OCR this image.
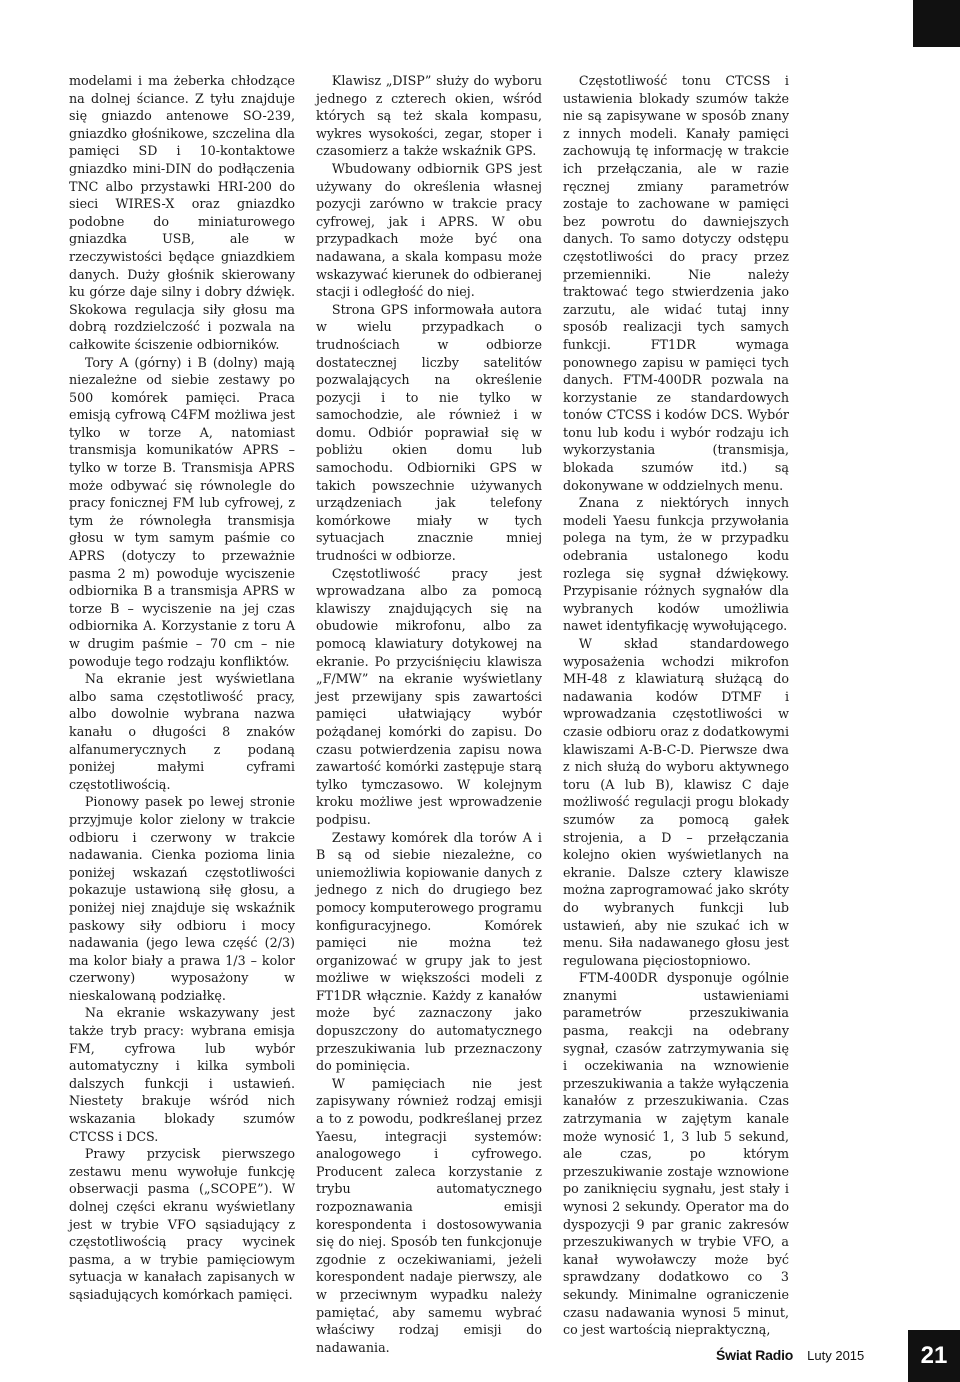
modelami i ma żeberka chłodzące na dolnej ściance. Z tyłu znajduje się gniazdo antenowe SO-239, gniazdko głośnikowe, szczelina dla pamięci SD i 10-kontaktowe gniazdko mini-DIN do podłączenia TNC albo przystawki HRI-200 do sieci WIRES-X oraz gniazdko podobne do miniaturowego gniazdka USB, ale w rzeczywistości będące gniazdkiem danych. Duży głośnik skierowany ku górze daje silny i dobry dźwięk. Skokowa regulacja siły głosu ma dobrą rozdzielczość i pozwala na całkowite ściszenie odbiorników.

Tory A (górny) i B (dolny) mają niezależne od siebie zestawy po 500 komórek pamięci. Praca emisją cyfrową C4FM możliwa jest tylko w torze A, natomiast transmisja komunikatów APRS – tylko w torze B. Transmisja APRS może odbywać się równolegle do pracy fonicznej FM lub cyfrowej, z tym że równoległa transmisja głosu w tym samym paśmie co APRS (dotyczy to przeważnie pasma 2 m) powoduje wyciszenie odbiornika B a transmisja APRS w torze B – wyciszenie na jej czas odbiornika A. Korzystanie z toru A w drugim paśmie – 70 cm – nie powoduje tego rodzaju konfliktów.

Na ekranie jest wyświetlana albo sama częstotliwość pracy, albo dowolnie wybrana nazwa kanału o długości 8 znaków alfanumerycznych z podaną poniżej małymi cyframi częstotliwością.

Pionowy pasek po lewej stronie przyjmuje kolor zielony w trakcie odbioru i czerwony w trakcie nadawania. Cienka pozioma linia poniżej wskazań częstotliwości pokazuje ustawioną siłę głosu, a poniżej niej znajduje się wskaźnik paskowy siły odbioru i mocy nadawania (jego lewa część (2/3) ma kolor biały a prawa 1/3 – kolor czerwony) wyposażony w nieskalowaną podziałkę.

Na ekranie wskazywany jest także tryb pracy: wybrana emisja FM, cyfrowa lub wybór automatyczny i kilka symboli dalszych funkcji i ustawień. Niestety brakuje wśród nich wskazania blokady szumów CTCSS i DCS.

Prawy przycisk pierwszego zestawu menu wywołuje funkcję obserwacji pasma („SCOPE”). W dolnej części ekranu wyświetlany jest w trybie VFO sąsiadujący z częstotliwością pracy wycinek pasma, a w trybie pamięciowym sytuacja w kanałach zapisanych w sąsiadujących komórkach pamięci.

Klawisz „DISP” służy do wyboru jednego z czterech okien, wśród których są też skala kompasu, wykres wysokości, zegar, stoper i czasomierz a także wskaźnik GPS.

Wbudowany odbiornik GPS jest używany do określenia własnej pozycji zarówno w trakcie pracy cyfrowej, jak i APRS. W obu przypadkach może być ona nadawana, a skala kompasu może wskazywać kierunek do odbieranej stacji i odległość do niej.

Strona GPS informowała autora w wielu przypadkach o trudnościach w odbiorze dostatecznej liczby satelitów pozwalających na określenie pozycji i to nie tylko w samochodzie, ale również i w domu. Odbiór poprawiał się w pobliżu okien domu lub samochodu. Odbiorniki GPS w takich powszechnie używanych urządzeniach jak telefony komórkowe miały w tych sytuacjach znacznie mniej trudności w odbiorze.

Częstotliwość pracy jest wprowadzana albo za pomocą klawiszy znajdujących się na obudowie mikrofonu, albo za pomocą klawiatury dotykowej na ekranie. Po przyciśnięciu klawisza „F/MW” na ekranie wyświetlany jest przewijany spis zawartości pamięci ułatwiający wybór pożądanej komórki do zapisu. Do czasu potwierdzenia zapisu nowa zawartość komórki zastępuje starą tylko tymczasowo. W kolejnym kroku możliwe jest wprowadzenie podpisu.

Zestawy komórek dla torów A i B są od siebie niezależne, co uniemożliwia kopiowanie danych z jednego z nich do drugiego bez pomocy komputerowego programu konfiguracyjnego. Komórek pamięci nie można też organizować w grupy jak to jest możliwe w większości modeli z FT1DR włącznie. Każdy z kanałów może być zaznaczony jako dopuszczony do automatycznego przeszukiwania lub przeznaczony do pominięcia.

W pamięciach nie jest zapisywany również rodzaj emisji a to z powodu, podkreślanej przez Yaesu, integracji systemów: analogowego i cyfrowego. Producent zaleca korzystanie z trybu automatycznego rozpoznawania emisji korespondenta i dostosowywania się do niej. Sposób ten funkcjonuje zgodnie z oczekiwaniami, jeżeli korespondent nadaje pierwszy, ale w przeciwnym wypadku należy pamiętać, aby samemu wybrać właściwy rodzaj emisji do nadawania.

Częstotliwość tonu CTCSS i ustawienia blokady szumów także nie są zapisywane w sposób znany z innych modeli. Kanały pamięci zachowują tę informację w trakcie ich przełączania, ale w razie ręcznej zmiany parametrów zostaje to zachowane w pamięci bez powrotu do dawniejszych danych. To samo dotyczy odstępu częstotliwości do pracy przez przemienniki. Nie należy traktować tego stwierdzenia jako zarzutu, ale widać tutaj inny sposób realizacji tych samych funkcji. FT1DR wymaga ponownego zapisu w pamięci tych danych. FTM-400DR pozwala na korzystanie ze standardowych tonów CTCSS i kodów DCS. Wybór tonu lub kodu i wybór rodzaju ich wykorzystania (transmisja, blokada szumów itd.) są dokonywane w oddzielnych menu.

Znana z niektórych innych modeli Yaesu funkcja przywołania polega na tym, że w przypadku odebrania ustalonego kodu rozlega się sygnał dźwiękowy. Przypisanie różnych sygnałów dla wybranych kodów umożliwia nawet identyfikację wywołującego.

W skład standardowego wyposażenia wchodzi mikrofon MH-48 z klawiaturą służącą do nadawania kodów DTMF i wprowadzania częstotliwości w czasie odbioru oraz z dodatkowymi klawiszami A-B-C-D. Pierwsze dwa z nich służą do wyboru aktywnego toru (A lub B), klawisz C daje możliwość regulacji progu blokady szumów za pomocą gałek strojenia, a D – przełączania kolejno okien wyświetlanych na ekranie. Dalsze cztery klawisze można zaprogramować jako skróty do wybranych funkcji lub ustawień, aby nie szukać ich w menu. Siła nadawanego głosu jest regulowana pięciostopniowo.

FTM-400DR dysponuje ogólnie znanymi ustawieniami parametrów przeszukiwania pasma, reakcji na odebrany sygnał, czasów zatrzymywania się i oczekiwania na wznowienie przeszukiwania a także wyłączenia kanałów z przeszukiwania. Czas zatrzymania w zajętym kanale może wynosić 1, 3 lub 5 sekund, ale czas, po którym przeszukiwanie zostaje wznowione po zaniknięciu sygnału, jest stały i wynosi 2 sekundy. Operator ma do dyspozycji 9 par granic zakresów przeszukiwanych w trybie VFO, a kanał wywoławczy może być sprawdzany dodatkowo co 3 sekundy. Minimalne ograniczenie czasu nadawania wynosi 5 minut, co jest wartością niepraktyczną,

Świat Radio Luty 2015	21
